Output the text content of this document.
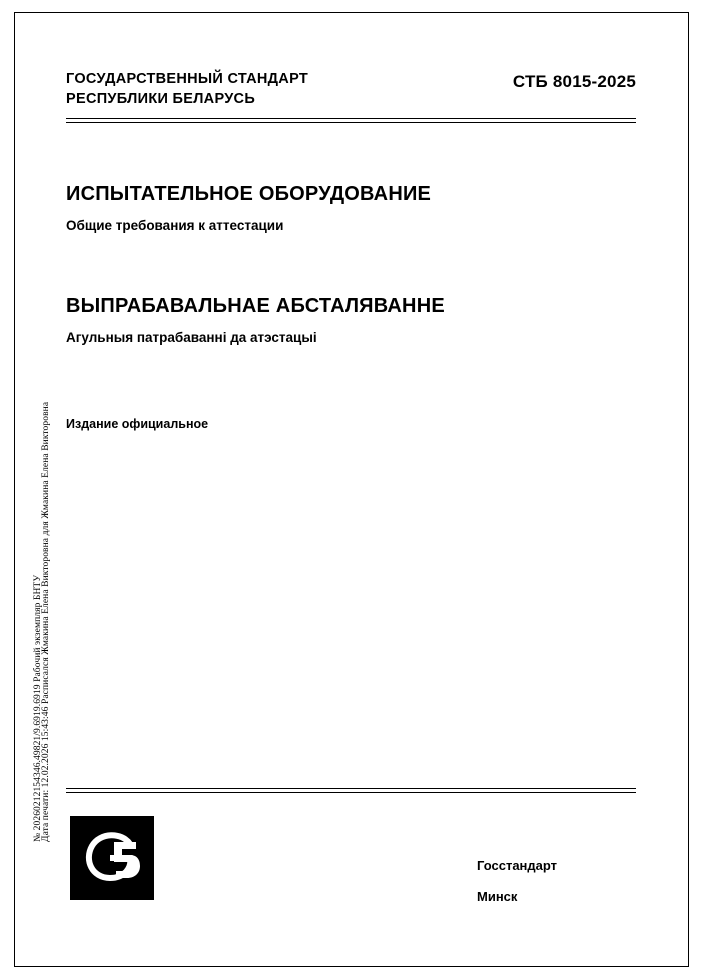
ГОСУДАРСТВЕННЫЙ СТАНДАРТ
РЕСПУБЛИКИ БЕЛАРУСЬ
СТБ 8015-2025
ИСПЫТАТЕЛЬНОЕ ОБОРУДОВАНИЕ

Общие требования к аттестации

ВЫПРАБАВАЛЬНАЕ АБСТАЛЯВАННЕ

Агульныя патрабаванні да атэстацыі

Издание официальное

№ 20260212154346.49821/9.6919.6919 Рабочий экземпляр БНТУ
Дата печати: 12.02.2026 15:43:46 Расписался Жмакина Елена Викторовна для Жмакина Елена Викторовна

Госстандарт

Минск
